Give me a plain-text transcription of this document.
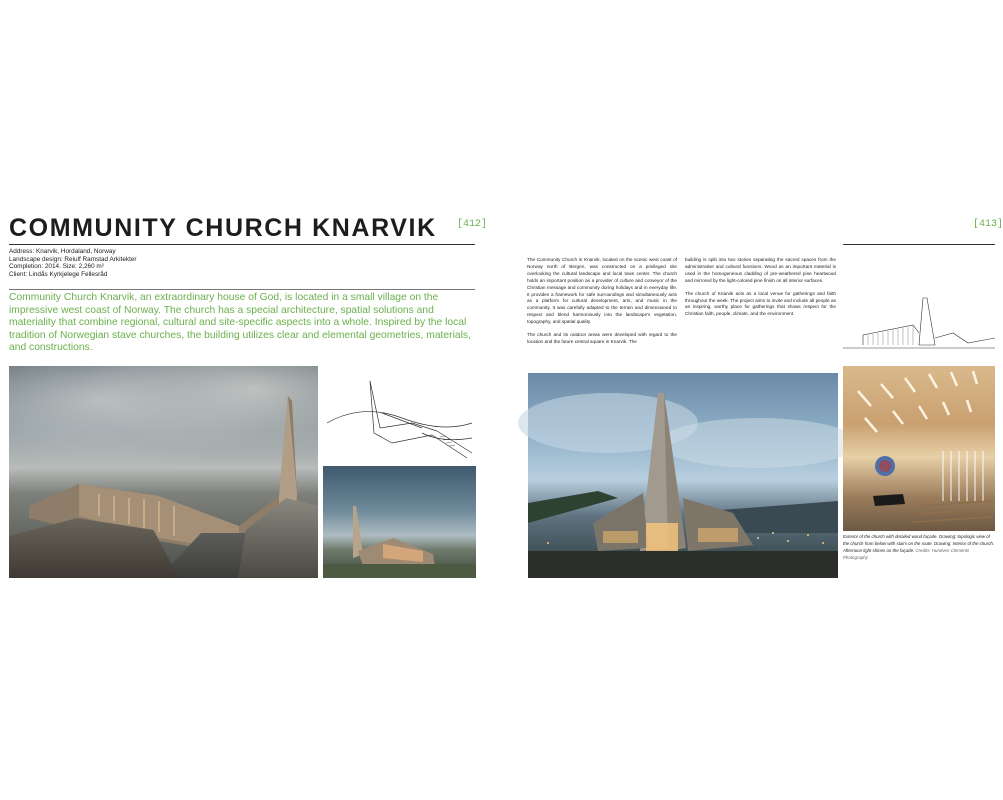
COMMUNITY CHURCH KNARVIK [412]
Address: Knarvik, Hordaland, Norway
Landscape design: Reiulf Ramstad Arkitekter
Completion: 2014. Size: 2,260 m²
Client: Lindås Kyrkjelege Fellesråd
Community Church Knarvik, an extraordinary house of God, is located in a small village on the impressive west coast of Norway. The church has a special architecture, spatial solutions and materiality that combine regional, cultural and site-specific aspects into a whole. Inspired by the local tradition of Norwegian stave churches, the building utilizes clear and elemental geometries, materials, and constructions.
[413]

The Community Church in Knarvik, located on the scenic west coast of Norway north of Bergen, was constructed on a privileged site overlooking the cultural landscape and local town center. The church holds an important position as a provider of culture and conveyor of the Christian message and community during holidays and in everyday life. It provides a framework for safe surroundings and simultaneously acts as a platform for cultural development, arts, and music in the community. It was carefully adapted to the terrain and dimensioned to respect and blend harmoniously into the landscape's vegetation, topography, and spatial quality.

The church and its outdoor areas were developed with regard to the location and the future central square in Knarvik. The

building is split into two stories separating the sacred spaces from the administrative and cultural functions. Wood as an important material is used in the homogeneous cladding of pre-weathered pine heartwood and mirrored by the light-colored pine finish on all interior surfaces.

The church of Knarvik acts as a local venue for gatherings and faith throughout the week. The project aims to invite and include all people as an inspiring, worthy place for gatherings that shows respect for the Christian faith, people, climate, and the environment.

Exterior of the church with detailed wood façade. Drawing: topologic view of the church from below with stairs on the route. Drawing: Interior of the church. Afternoon light shines on the façade. Credits: Hundven Clements Photography
